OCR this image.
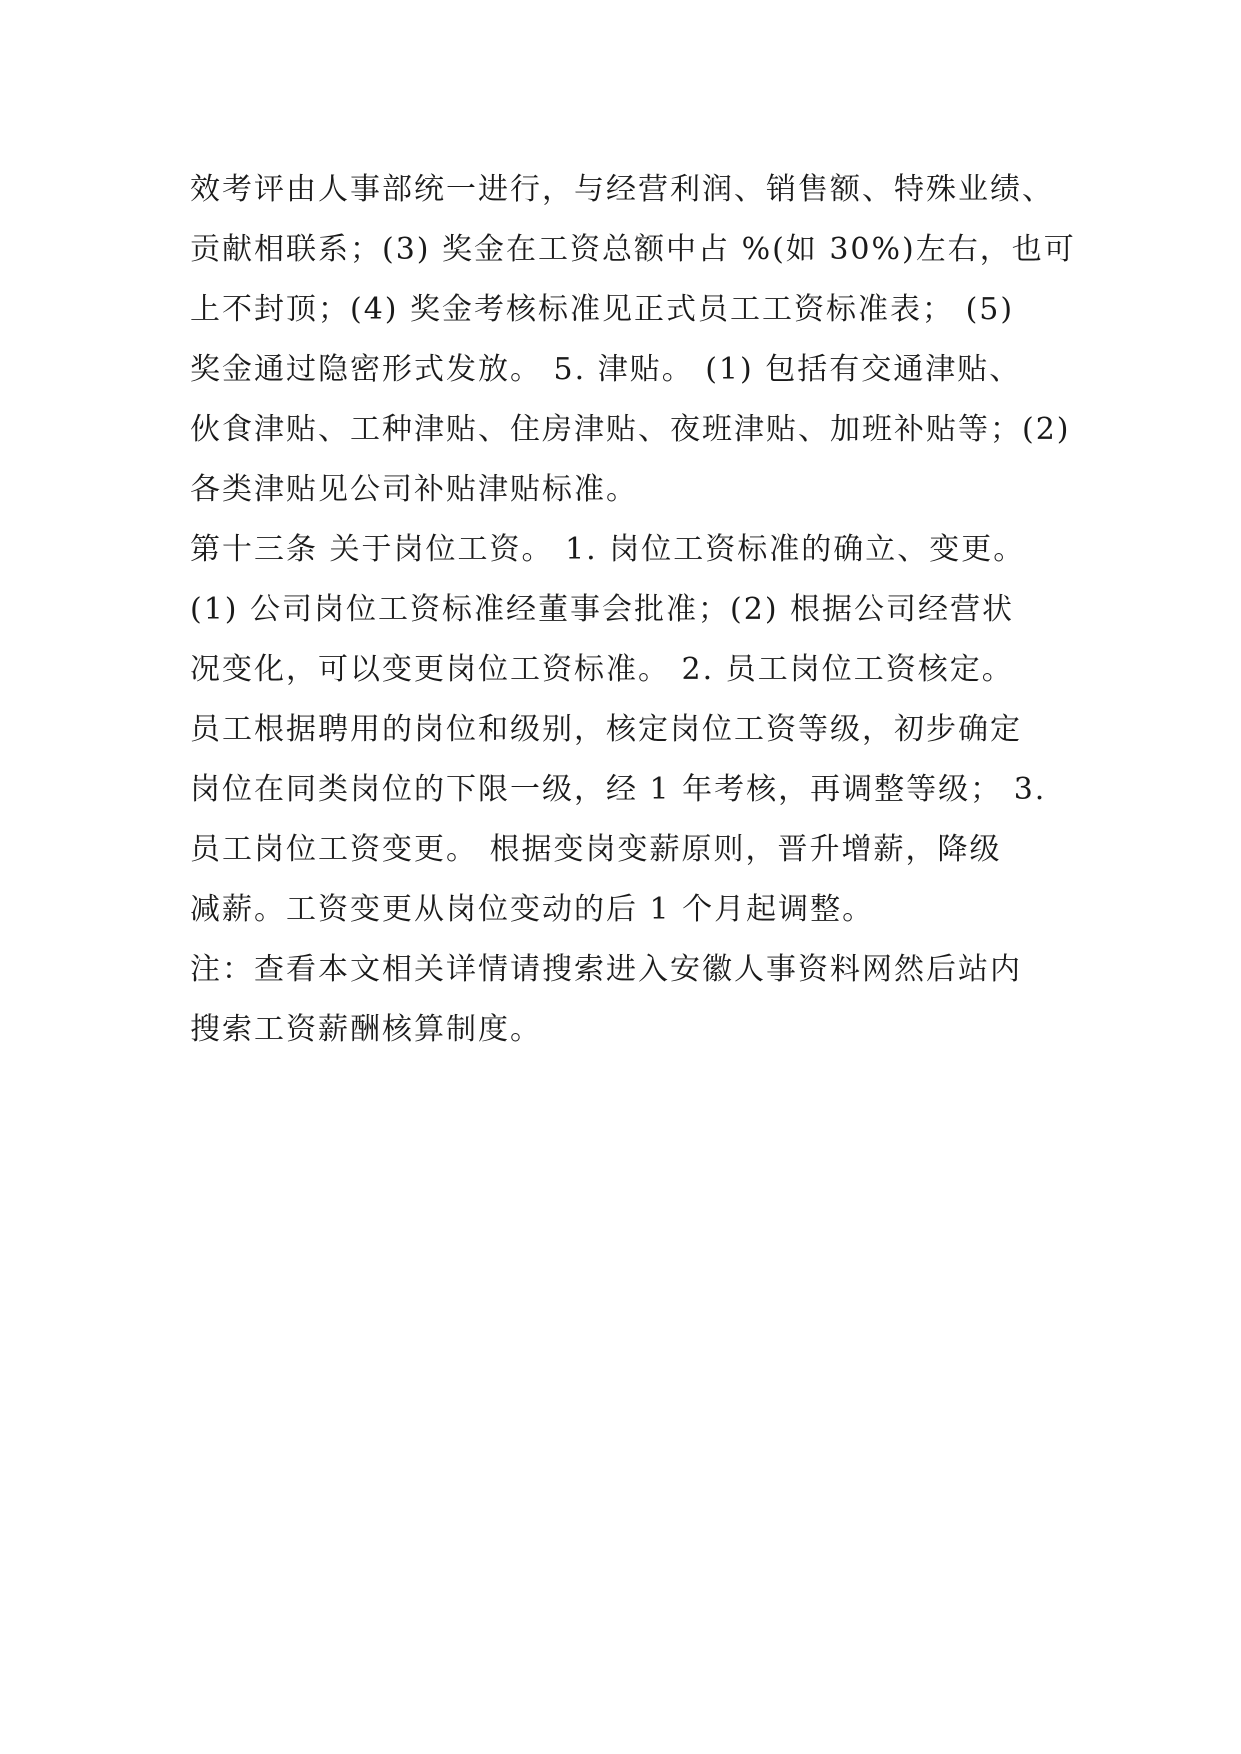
效考评由人事部统一进行，与经营利润、销售额、特殊业绩、

贡献相联系；(3) 奖金在工资总额中占 %(如 30%)左右，也可

上不封顶；(4) 奖金考核标准见正式员工工资标准表； (5)

奖金通过隐密形式发放。 5. 津贴。 (1) 包括有交通津贴、

伙食津贴、工种津贴、住房津贴、夜班津贴、加班补贴等；(2)

各类津贴见公司补贴津贴标准。

第十三条 关于岗位工资。 1. 岗位工资标准的确立、变更。

(1) 公司岗位工资标准经董事会批准；(2) 根据公司经营状

况变化，可以变更岗位工资标准。 2. 员工岗位工资核定。

员工根据聘用的岗位和级别，核定岗位工资等级，初步确定

岗位在同类岗位的下限一级，经 1 年考核，再调整等级； 3.

员工岗位工资变更。 根据变岗变薪原则，晋升增薪，降级

减薪。工资变更从岗位变动的后 1 个月起调整。

注：查看本文相关详情请搜索进入安徽人事资料网然后站内

搜索工资薪酬核算制度。
